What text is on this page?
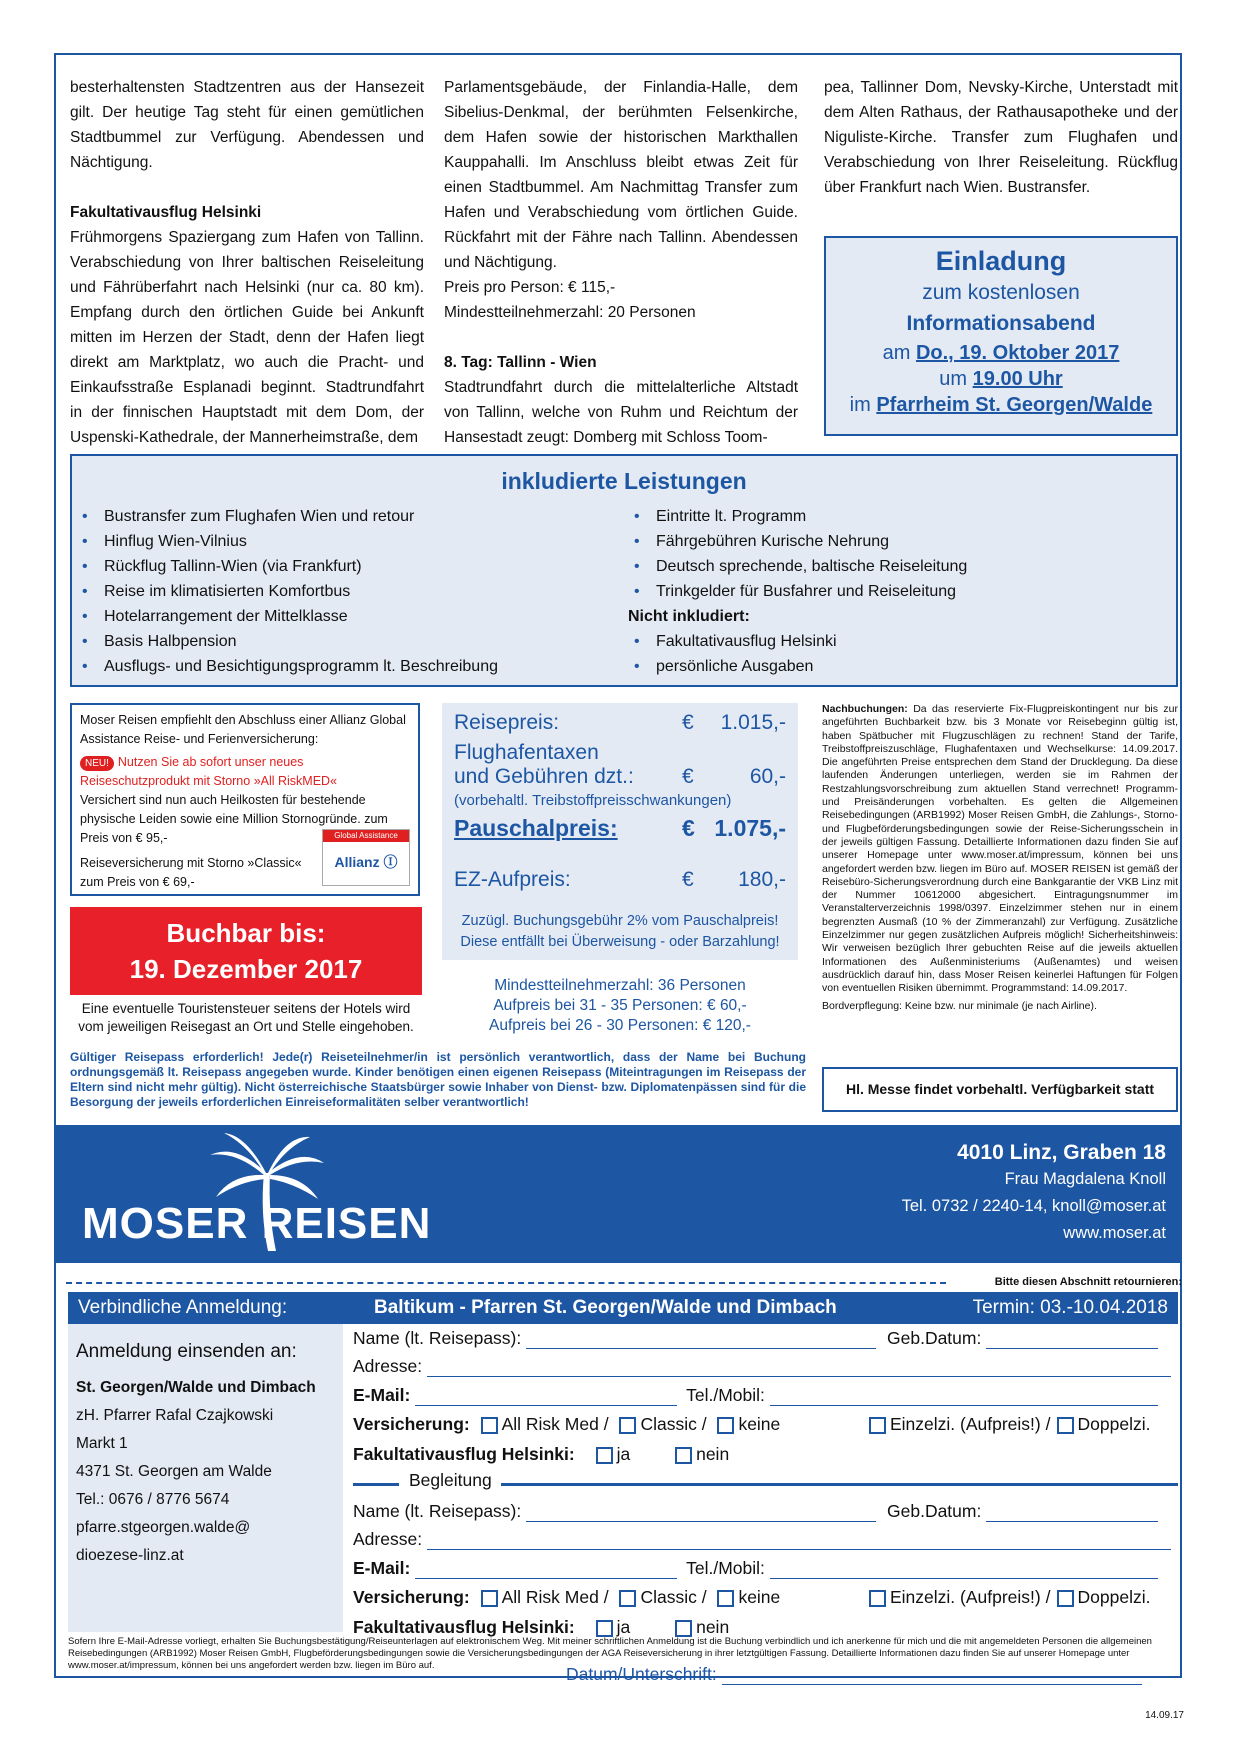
besterhaltensten Stadtzentren aus der Hansezeit gilt. Der heutige Tag steht für einen gemütlichen Stadtbummel zur Verfügung. Abendessen und Nächtigung.

Fakultativausflug Helsinki

Frühmorgens Spaziergang zum Hafen von Tallinn. Verabschiedung von Ihrer baltischen Reiseleitung und Fährüberfahrt nach Helsinki (nur ca. 80 km). Empfang durch den örtlichen Guide bei Ankunft mitten im Herzen der Stadt, denn der Hafen liegt direkt am Marktplatz, wo auch die Pracht- und Einkaufsstraße Esplanadi beginnt. Stadtrundfahrt in der finnischen Hauptstadt mit dem Dom, der Uspenski-Kathedrale, der Mannerheimstraße, dem

Parlamentsgebäude, der Finlandia-Halle, dem Sibelius-Denkmal, der berühmten Felsenkirche, dem Hafen sowie der historischen Markthallen Kauppahalli. Im Anschluss bleibt etwas Zeit für einen Stadtbummel. Am Nachmittag Transfer zum Hafen und Verabschiedung vom örtlichen Guide. Rückfahrt mit der Fähre nach Tallinn. Abendessen und Nächtigung.

Preis pro Person: € 115,-

Mindestteilnehmerzahl: 20 Personen

8. Tag: Tallinn - Wien

Stadtrundfahrt durch die mittelalterliche Altstadt von Tallinn, welche von Ruhm und Reichtum der Hansestadt zeugt: Domberg mit Schloss Toom-

pea, Tallinner Dom, Nevsky-Kirche, Unterstadt mit dem Alten Rathaus, der Rathausapotheke und der Niguliste-Kirche. Transfer zum Flughafen und Verabschiedung von Ihrer Reiseleitung. Rückflug über Frankfurt nach Wien. Bustransfer.

Einladung
zum kostenlosen
Informationsabend
am Do., 19. Oktober 2017
um 19.00 Uhr
im Pfarrheim St. Georgen/Walde
inkludierte Leistungen
• Bustransfer zum Flughafen Wien und retour
• Hinflug Wien-Vilnius
• Rückflug Tallinn-Wien (via Frankfurt)
• Reise im klimatisierten Komfortbus
• Hotelarrangement der Mittelklasse
• Basis Halbpension
• Ausflugs- und Besichtigungsprogramm lt. Beschreibung
• Eintritte lt. Programm
• Fährgebühren Kurische Nehrung
• Deutsch sprechende, baltische Reiseleitung
• Trinkgelder für Busfahrer und Reiseleitung
Nicht inkludiert:
• Fakultativausflug Helsinki
• persönliche Ausgaben
Moser Reisen empfiehlt den Abschluss einer Allianz Global Assistance Reise- und Ferienversicherung:
NEU! Nutzen Sie ab sofort unser neues Reiseschutzprodukt mit Storno »All RiskMED«
Versichert sind nun auch Heilkosten für bestehende physische Leiden sowie eine Million Stornogründe. zum Preis von € 95,-
Reiseversicherung mit Storno »Classic« zum Preis von € 69,-
Global Assistance
Allianz Ⓘ
Buchbar bis:
19. Dezember 2017
Eine eventuelle Touristensteuer seitens der Hotels wird vom jeweiligen Reisegast an Ort und Stelle eingehoben.
Reisepreis:	€ 1.015,-
Flughafentaxen
und Gebühren dzt.: €	60,-
(vorbehaltl. Treibstoffpreisschwankungen)
Pauschalpreis:	€ 1.075,-
EZ-Aufpreis:	€ 180,-
Zuzügl. Buchungsgebühr 2% vom Pauschalpreis!
Diese entfällt bei Überweisung - oder Barzahlung!
Mindestteilnehmerzahl: 36 Personen
Aufpreis bei 31 - 35 Personen: € 60,-
Aufpreis bei 26 - 30 Personen: € 120,-
Nachbuchungen: Da das reservierte Fix-Flugpreiskontingent nur bis zur angeführten Buchbarkeit bzw. bis 3 Monate vor Reisebeginn gültig ist, haben Spätbucher mit Flugzuschlägen zu rechnen! Stand der Tarife, Treibstoffpreiszuschläge, Flughafentaxen und Wechselkurse: 14.09.2017. Die angeführten Preise entsprechen dem Stand der Drucklegung. Da diese laufenden Änderungen unterliegen, werden sie im Rahmen der Restzahlungsvorschreibung zum aktuellen Stand verrechnet! Programm- und Preisänderungen vorbehalten. Es gelten die Allgemeinen Reisebedingungen (ARB1992) Moser Reisen GmbH, die Zahlungs-, Storno- und Flugbeförderungsbedingungen sowie der Reise-Sicherungsschein in der jeweils gültigen Fassung. Detaillierte Informationen dazu finden Sie auf unserer Homepage unter www.moser.at/impressum, können bei uns angefordert werden bzw. liegen im Büro auf. MOSER REISEN ist gemäß der Reisebüro-Sicherungsverordnung durch eine Bankgarantie der VKB Linz mit der Nummer 10612000 abgesichert. Eintragungsnummer im Veranstalterverzeichnis 1998/0397. Einzelzimmer stehen nur in einem begrenzten Ausmaß (10 % der Zimmeranzahl) zur Verfügung. Zusätzliche Einzelzimmer nur gegen zusätzlichen Aufpreis möglich! Sicherheitshinweis: Wir verweisen bezüglich Ihrer gebuchten Reise auf die jeweils aktuellen Informationen des Außenministeriums (Außenamtes) und weisen ausdrücklich darauf hin, dass Moser Reisen keinerlei Haftungen für Folgen von eventuellen Risiken übernimmt. Programmstand: 14.09.2017.
Bordverpflegung: Keine bzw. nur minimale (je nach Airline).
Hl. Messe findet vorbehaltl. Verfügbarkeit statt
Gültiger Reisepass erforderlich! Jede(r) Reiseteilnehmer/in ist persönlich verantwortlich, dass der Name bei Buchung ordnungsgemäß lt. Reisepass angegeben wurde. Kinder benötigen einen eigenen Reisepass (Miteintragungen im Reisepass der Eltern sind nicht mehr gültig). Nicht österreichische Staatsbürger sowie Inhaber von Dienst- bzw. Diplomatenpässen sind für die Besorgung der jeweils erforderlichen Einreiseformalitäten selber verantwortlich!
MOSER REISEN
4010 Linz, Graben 18
Frau Magdalena Knoll
Tel. 0732 / 2240-14, knoll@moser.at
www.moser.at
Bitte diesen Abschnitt retournieren:
Verbindliche Anmeldung:	Baltikum - Pfarren St. Georgen/Walde und Dimbach	Termin: 03.-10.04.2018
Anmeldung einsenden an:
St. Georgen/Walde und Dimbach
zH. Pfarrer Rafal Czajkowski
Markt 1
4371 St. Georgen am Walde
Tel.: 0676 / 8776 5674
pfarre.stgeorgen.walde@
dioezese-linz.at
Name (lt. Reisepass):	Geb.Datum:
Adresse:
E-Mail:	Tel./Mobil:
Versicherung: All Risk Med / Classic / keine	Einzelzi. (Aufpreis!) / Doppelzi.
Fakultativausflug Helsinki: ja	nein
Begleitung
Name (lt. Reisepass):	Geb.Datum:
Adresse:
E-Mail:	Tel./Mobil:
Versicherung: All Risk Med / Classic / keine	Einzelzi. (Aufpreis!) / Doppelzi.
Fakultativausflug Helsinki: ja	nein
Sofern Ihre E-Mail-Adresse vorliegt, erhalten Sie Buchungsbestätigung/Reiseunterlagen auf elektronischem Weg. Mit meiner schriftlichen Anmeldung ist die Buchung verbindlich und ich anerkenne für mich und die mit angemeldeten Personen die allgemeinen Reisebedingungen (ARB1992) Moser Reisen GmbH, Flugbeförderungsbedingungen sowie die Versicherungsbedingungen der AGA Reiseversicherung in ihrer letztgültigen Fassung. Detaillierte Informationen dazu finden Sie auf unserer Homepage unter www.moser.at/impressum, können bei uns angefordert werden bzw. liegen im Büro auf.	Datum/Unterschrift:
14.09.17
